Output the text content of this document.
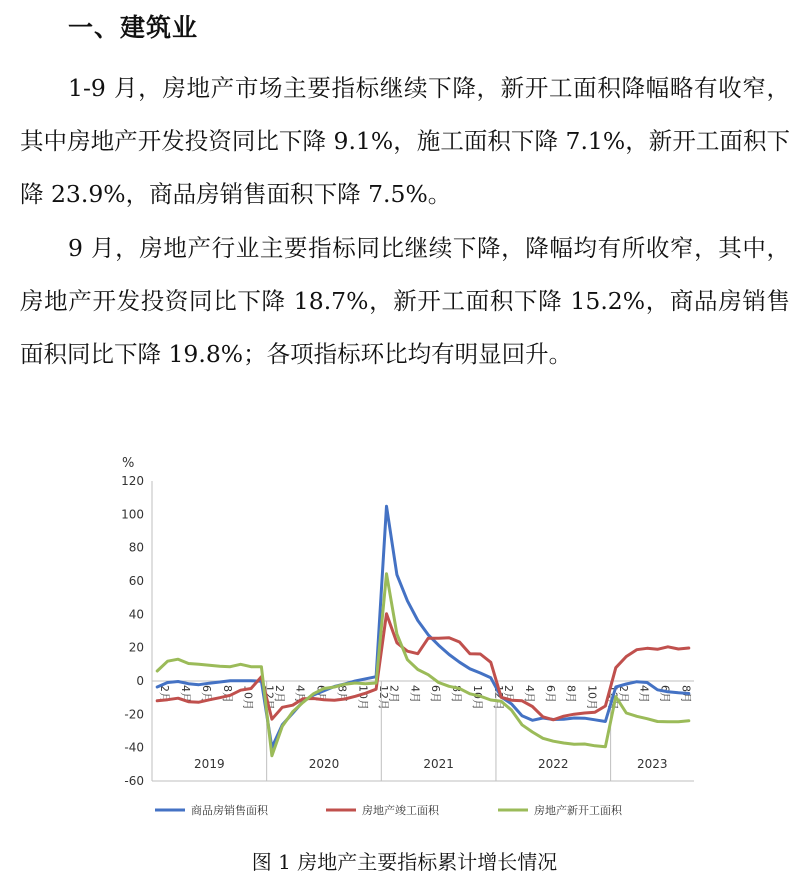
一、建筑业

1-9 月，房地产市场主要指标继续下降，新开工面积降幅略有收窄，其中房地产开发投资同比下降 9.1%，施工面积下降 7.1%，新开工面积下降 23.9%，商品房销售面积下降 7.5%。

9 月，房地产行业主要指标同比继续下降，降幅均有所收窄，其中，房地产开发投资同比下降 18.7%，新开工面积下降 15.2%，商品房销售面积同比下降 19.8%；各项指标环比均有明显回升。

-60
-40
-20
0
20
40
60
80
100
120
%
2019
2月 4月 6月 8月 10月 12月
2020
2月 4月 6月 8月 10月 12月
2021
2月 4月 6月 8月 10月 12月
2022
2月 4月 6月 8月 10月 12月
2023
2月 4月 6月 8月
商品房销售面积	房地产竣工面积	房地产新开工面积
图 1 房地产主要指标累计增长情况
